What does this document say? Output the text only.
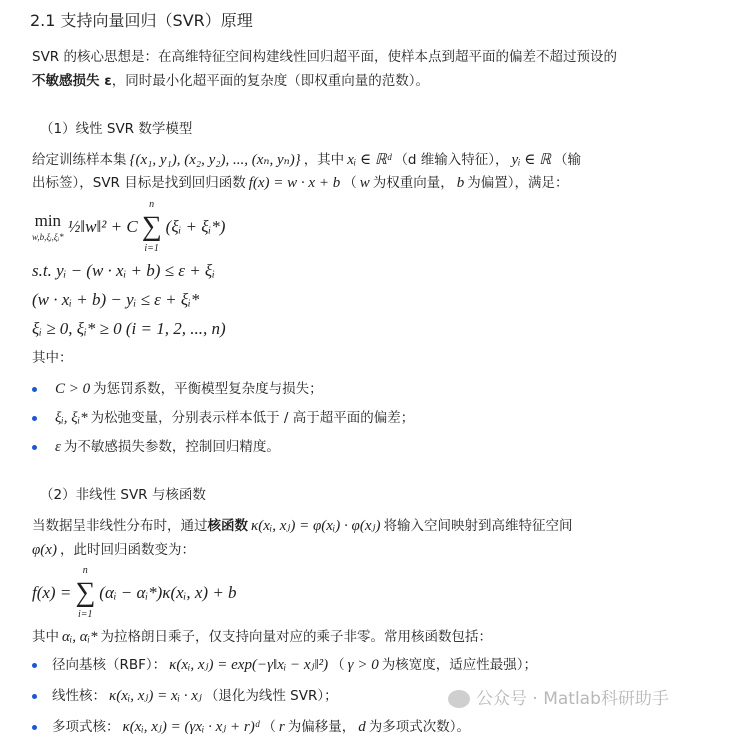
2.1 支持向量回归（SVR）原理
SVR 的核心思想是：在高维特征空间构建线性回归超平面，使样本点到超平面的偏差不超过预设的
不敏感损失 ε，同时最小化超平面的复杂度（即权重向量的范数）。
（1）线性 SVR 数学模型
给定训练样本集 {(x₁, y₁), (x₂, y₂), ..., (xₙ, yₙ)} ，其中 xᵢ ∈ ℝᵈ （d 维输入特征）， yᵢ ∈ ℝ （输
出标签），SVR 目标是找到回归函数 f(x) = w · x + b （ w 为权重向量， b 为偏置），满足：
min
w,b,ξᵢ,ξᵢ*
½‖w‖² + C
n
∑
i=1
(ξᵢ + ξᵢ*)
s.t. yᵢ − (w · xᵢ + b) ≤ ε + ξᵢ
(w · xᵢ + b) − yᵢ ≤ ε + ξᵢ*
ξᵢ ≥ 0, ξᵢ* ≥ 0 (i = 1, 2, ..., n)
其中：
C > 0 为惩罚系数，平衡模型复杂度与损失；
ξᵢ, ξᵢ* 为松弛变量，分别表示样本低于 / 高于超平面的偏差；
ε 为不敏感损失参数，控制回归精度。
（2）非线性 SVR 与核函数
当数据呈非线性分布时，通过核函数 κ(xᵢ, xⱼ) = φ(xᵢ) · φ(xⱼ) 将输入空间映射到高维特征空间
φ(x) ，此时回归函数变为：
f(x) =
n
∑
i=1
(αᵢ − αᵢ*)κ(xᵢ, x) + b
其中 αᵢ, αᵢ* 为拉格朗日乘子，仅支持向量对应的乘子非零。常用核函数包括：
径向基核（RBF）： κ(xᵢ, xⱼ) = exp(−γ‖xᵢ − xⱼ‖²) （ γ > 0 为核宽度，适应性最强）；
线性核： κ(xᵢ, xⱼ) = xᵢ · xⱼ （退化为线性 SVR）；
多项式核： κ(xᵢ, xⱼ) = (γxᵢ · xⱼ + r)ᵈ （ r 为偏移量， d 为多项式次数）。
公众号 · Matlab科研助手
